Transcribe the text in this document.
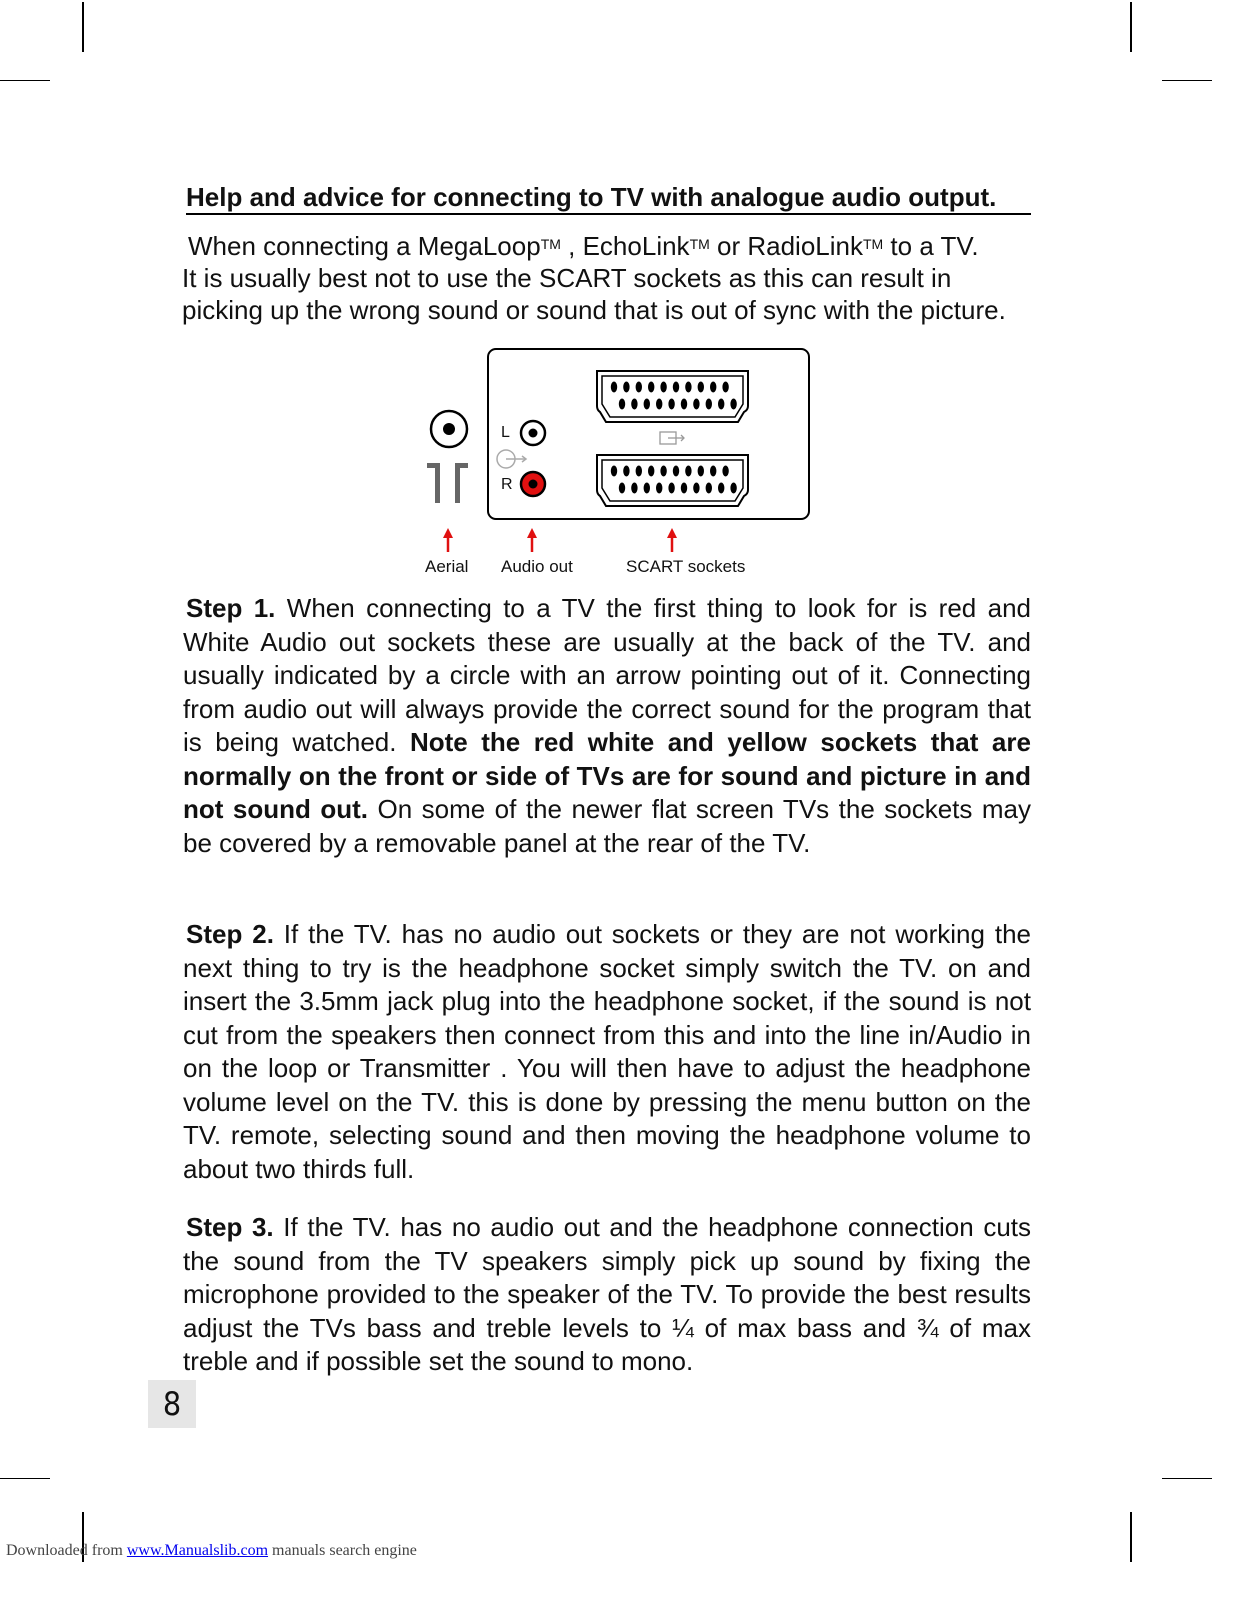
Help and advice for connecting to TV with analogue audio output.
When connecting a MegaLoop™ , EchoLink™ or RadioLink™ to a TV.
It is usually best not to use the SCART sockets as this can result in
picking up the wrong sound or sound that is out of sync with the picture.
L
R
Aerial Audio out	SCART sockets
Step 1. When connecting to a TV the first thing to look for is red and White Audio out sockets these are usually at the back of the TV. and usually indicated by a circle with an arrow pointing out of it. Connecting from audio out will always provide the correct sound for the program that is being watched. Note the red white and yellow sockets that are normally on the front or side of TVs are for sound and picture in and not sound out. On some of the newer flat screen TVs the sockets may be covered by a removable panel at the rear of the TV.
Step 2. If the TV. has no audio out sockets or they are not working the next thing to try is the headphone socket simply switch the TV. on and insert the 3.5mm jack plug into the headphone socket, if the sound is not cut from the speakers then connect from this and into the line in/Audio in on the loop or Transmitter . You will then have to adjust the headphone volume level on the TV. this is done by pressing the menu button on the TV. remote, selecting sound and then moving the headphone volume to about two thirds full.
Step 3. If the TV. has no audio out and the headphone connection cuts the sound from the TV speakers simply pick up sound by fixing the microphone provided to the speaker of the TV. To provide the best results adjust the TVs bass and treble levels to ¼ of max bass and ¾ of max treble and if possible set the sound to mono.
8
Downloaded from www.Manualslib.com manuals search engine
